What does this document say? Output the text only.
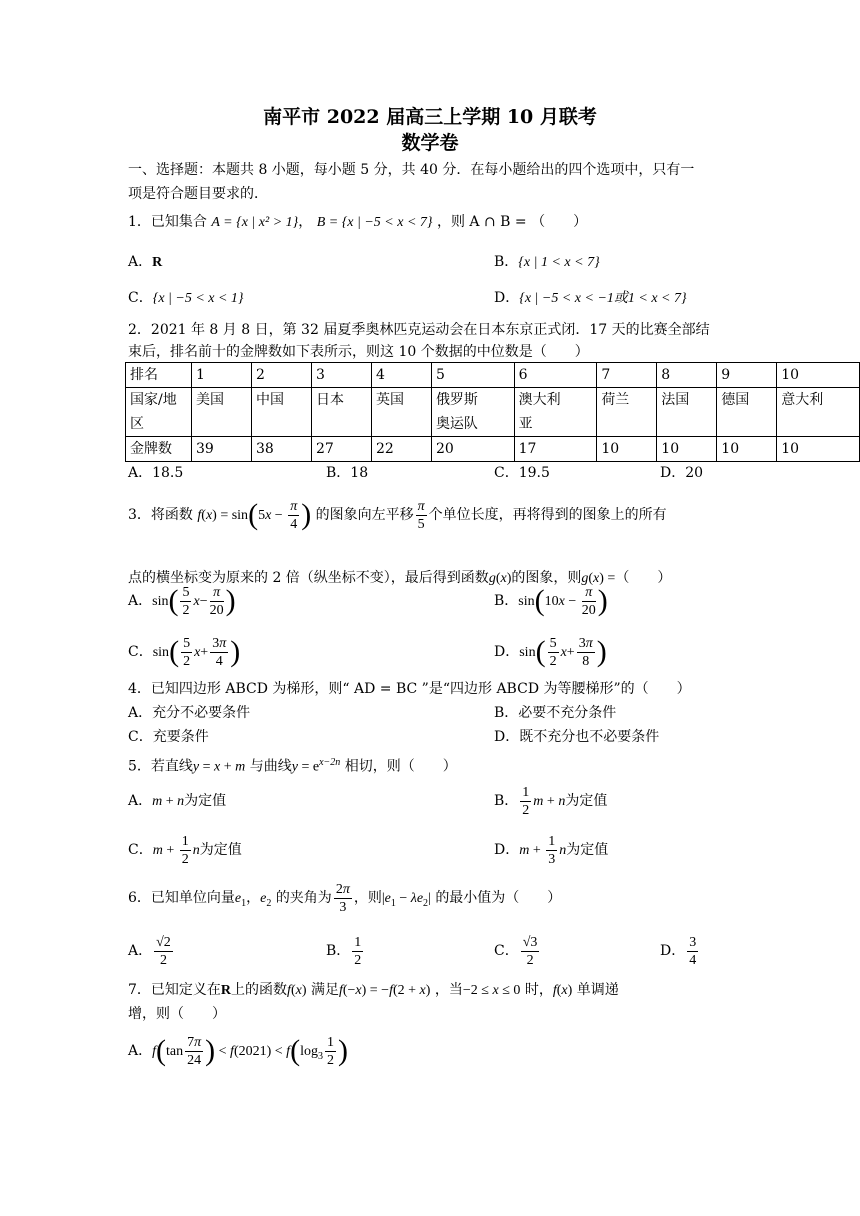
南平市 2022 届高三上学期 10 月联考
数学卷
一、选择题：本题共 8 小题，每小题 5 分，共 40 分．在每小题给出的四个选项中，只有一
项是符合题目要求的．
1．已知集合 A = {x | x² > 1}， B = {x | −5 < x < 7} ，则 A ∩ B = （　　）
A．R	B．{x | 1 < x < 7}
C．{x | −5 < x < 1}	D．{x | −5 < x < −1或1 < x < 7}
2．2021 年 8 月 8 日，第 32 届夏季奥林匹克运动会在日本东京正式闭．17 天的比赛全部结
束后，排名前十的金牌数如下表所示，则这 10 个数据的中位数是（　　）
排名	1	2	3	4	5	6	7	8	9	10
国家/地	美国	中国	日本	英国	俄罗斯	澳大利	荷兰	法国	德国	意大利
区					奥运队	亚				
金牌数	39	38	27	22	20	17	10	10	10	10
A．18.5	B．18	C．19.5	D．20
3．将函数 $f(x) = \sin(5x - \frac{\pi}{4}$ ) 的图象向左平移 $\frac{\pi}{5}$ 个单位长度，再将得到的图象上的所有
点的横坐标变为原来的 2 倍（纵坐标不变），最后得到函数g(x)的图象，则g(x) =（　　）
A．$\sin( \frac{5}{2} x- \frac{\pi}{20}$ )	B．$\sin(10x - \frac{\pi}{20}$ )
C．$\sin( \frac{5}{2} x+ \frac{3\pi}{4}$ )	D．$\sin( \frac{5}{2} x+ \frac{3\pi}{8}$ )
4．已知四边形 ABCD 为梯形，则“ AD = BC ”是“四边形 ABCD 为等腰梯形”的（　　）
A．充分不必要条件	B．必要不充分条件
C．充要条件	D．既不充分也不必要条件
5．若直线y = x + m 与曲线$y = e^{x-2n}$ 相切，则（　　）
A．m + n为定值	B． $\frac{1}{2}$ m + n为定值
C．$m + \frac{1}{2}$ n为定值	D．$m + \frac{1}{3}$ n为定值
6．已知单位向量$e_1$，$e_2$ 的夹角为 $\frac{2\pi}{3}$ ，则$|e_1 - \lambda e_2|$ 的最小值为（　　）
A． $\frac{√2}{2}$	B． $\frac{1}{2}$	C． $\frac{√3}{2}$	D． $\frac{3}{4}$
7．已知定义在R上的函数f(x) 满足f(−x) = −f(2 + x) ，当−2 ≤ x ≤ 0 时，f(x) 单调递
增，则（　　）
A．$f(\tan \frac{7\pi}{24}$ ) < $f(2021) < f(\log_3 \frac{1}{2}$ )
